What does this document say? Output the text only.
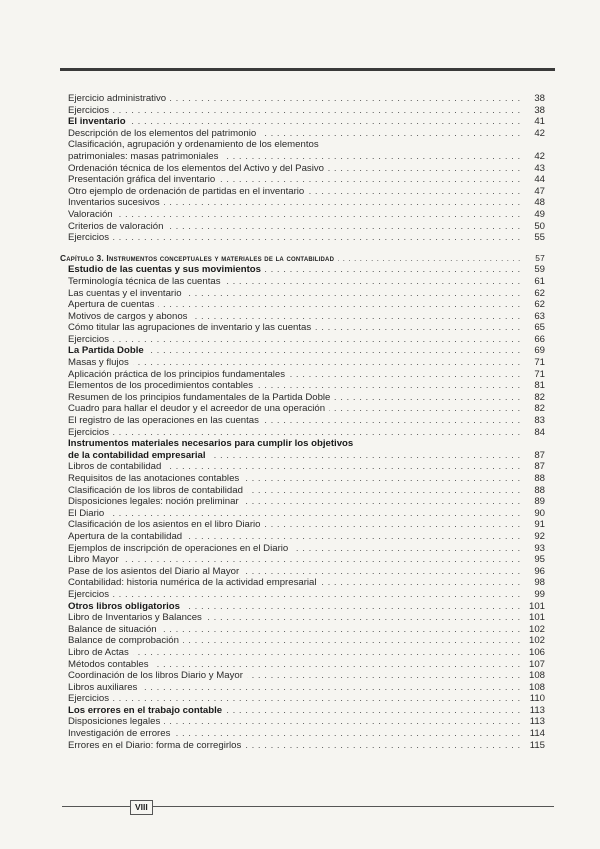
Ejercicio administrativo	38
. . .
Ejercicios	38
. . .
El inventario	41
. . .
Descripción de los elementos del patrimonio	42
. . .
Clasificación, agrupación y ordenamiento de los elementos
patrimoniales: masas patrimoniales	42
. . .
Ordenación técnica de los elementos del Activo y del Pasivo	43
. . .
Presentación gráfica del inventario	44
. . .
Otro ejemplo de ordenación de partidas en el inventario	47
. . .
Inventarios sucesivos	48
. . .
Valoración	49
. . .
Criterios de valoración	50
. . .
Ejercicios	55
. . .
Capítulo 3. Instrumentos conceptuales y materiales de la contabilidad	57
. . .
Estudio de las cuentas y sus movimientos	59
. . .
Terminología técnica de las cuentas	61
. . .
Las cuentas y el inventario	62
. . .
Apertura de cuentas	62
. . .
Motivos de cargos y abonos	63
. . .
Cómo titular las agrupaciones de inventario y las cuentas	65
. . .
Ejercicios	66
. . .
La Partida Doble	69
. . .
Masas y flujos	71
. . .
Aplicación práctica de los principios fundamentales	71
. . .
Elementos de los procedimientos contables	81
. . .
Resumen de los principios fundamentales de la Partida Doble	82
. . .
Cuadro para hallar el deudor y el acreedor de una operación	82
. . .
El registro de las operaciones en las cuentas	83
. . .
Ejercicios	84
. . .
Instrumentos materiales necesarios para cumplir los objetivos
de la contabilidad empresarial	87
. . .
Libros de contabilidad	87
. . .
Requisitos de las anotaciones contables	88
. . .
Clasificación de los libros de contabilidad	88
. . .
Disposiciones legales: noción preliminar	89
. . .
El Diario	90
. . .
Clasificación de los asientos en el libro Diario	91
. . .
Apertura de la contabilidad	92
. . .
Ejemplos de inscripción de operaciones en el Diario	93
. . .
Libro Mayor	95
. . .
Pase de los asientos del Diario al Mayor	96
. . .
Contabilidad: historia numérica de la actividad empresarial	98
. . .
Ejercicios	99
. . .
Otros libros obligatorios	101
. . .
Libro de Inventarios y Balances	101
. . .
Balance de situación	102
. . .
Balance de comprobación	102
. . .
Libro de Actas	106
. . .
Métodos contables	107
. . .
Coordinación de los libros Diario y Mayor	108
. . .
Libros auxiliares	108
. . .
Ejercicios	110
. . .
Los errores en el trabajo contable	113
. . .
Disposiciones legales	113
. . .
Investigación de errores	114
. . .
Errores en el Diario: forma de corregirlos	115
. . .
VIII
